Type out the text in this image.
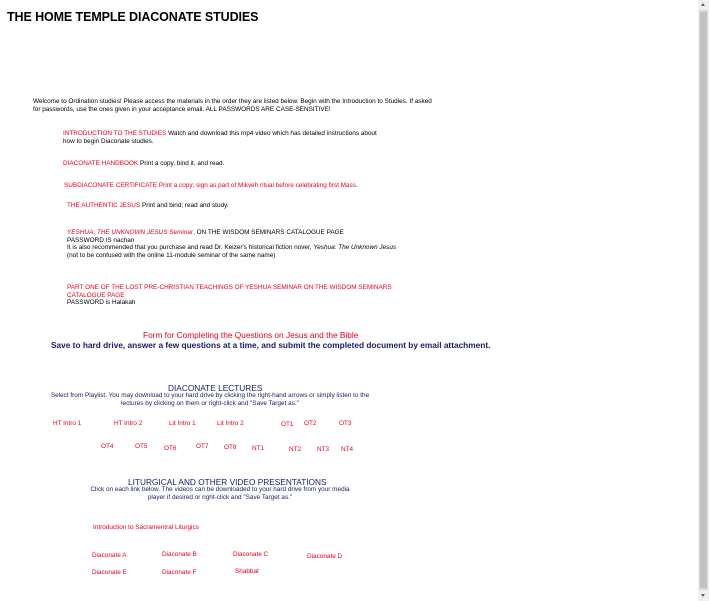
THE HOME TEMPLE DIACONATE STUDIES
Welcome to Ordination studies! Please access the materials in the order they are listed below. Begin with the Introduction to Studies. If asked for passwords, use the ones given in your acceptance email. ALL PASSWORDS ARE CASE-SENSITIVE!
INTRODUCTION TO THE STUDIES Watch and download this mp4 video which has detailed instructions about
how to begin Diaconate studies.
DIACONATE HANDBOOK Print a copy, bind it, and read.
SUBDIACONATE CERTIFICATE Print a copy; sign as part of Mikveh ritual before celebrating first Mass.
THE AUTHENTIC JESUS Print and bind; read and study.
YESHUA: THE UNKNOWN JESUS Seminar, ON THE WISDOM SEMINARS CATALOGUE PAGE
PASSWORD IS nachan
It is also recommended that you purchase and read Dr. Keizer's historical fiction nover, Yeshua: The Unknown Jesus
(not to be confused with the online 11-module seminar of the same name)
PART ONE OF THE LOST PRE-CHRISTIAN TEACHINGS OF YESHUA SEMINAR ON THE WISDOM SEMINARS
CATALOGUE PAGE
PASSWORD is Halakah
Form for Completing the Questions on Jesus and the Bible
Save to hard drive, answer a few questions at a time, and submit the completed document by email attachment.
DIACONATE LECTURES
Select from Playlist. You may download to your hard drive by clicking the right-hand arrows or simply listen to the
lectures by clicking on them or right-click and "Save Target as."
HT Intro 1	HT Intro 2	Lit Intro 1	Lit Intro 2	OT1 OT2	OT3
OT4	OT5	OT6	OT7 OT8 NT1	NT2 NT3 NT4
LITURGICAL AND OTHER VIDEO PRESENTATIONS
Click on each link below. The videos can be downloaded to your hard drive from your media
player if desired or right-click and "Save Target as."
Introduction to Sacramentral Liturgics
Diaconate A	Diaconate B	Diaconate C	Diaconate D
Diaconate E	Diaconate F	Shabbat
